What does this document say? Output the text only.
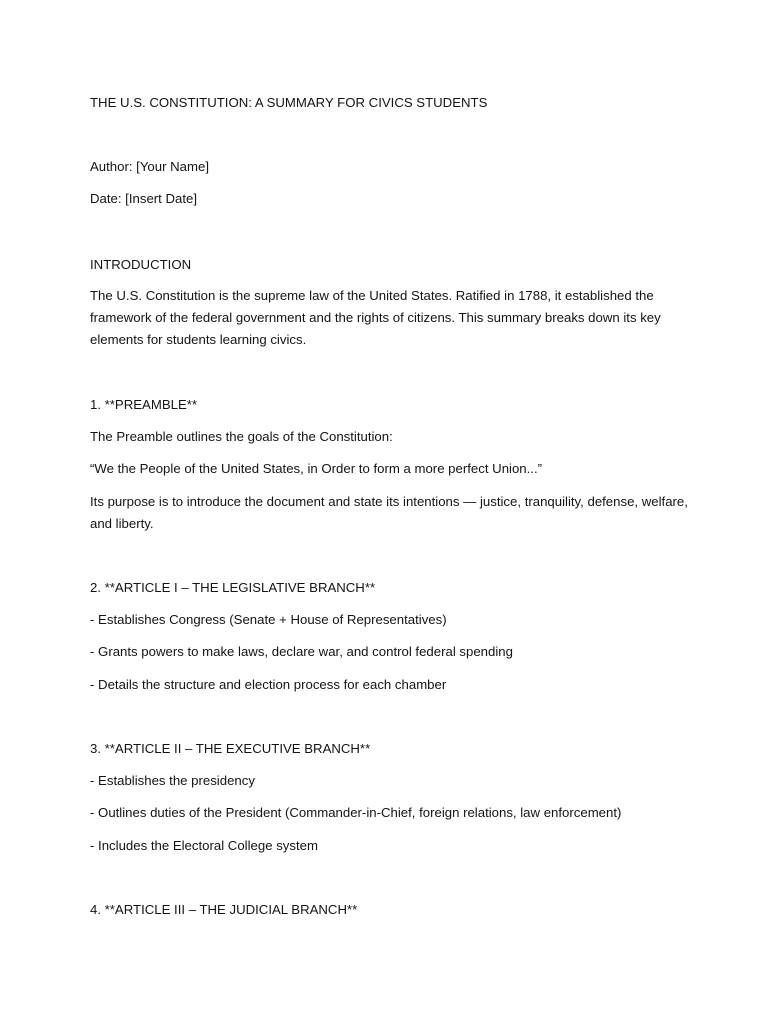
THE U.S. CONSTITUTION: A SUMMARY FOR CIVICS STUDENTS
Author: [Your Name]
Date: [Insert Date]
INTRODUCTION
The U.S. Constitution is the supreme law of the United States. Ratified in 1788, it established the framework of the federal government and the rights of citizens. This summary breaks down its key elements for students learning civics.
1. **PREAMBLE**
The Preamble outlines the goals of the Constitution:
“We the People of the United States, in Order to form a more perfect Union...”
Its purpose is to introduce the document and state its intentions — justice, tranquility, defense, welfare, and liberty.
2. **ARTICLE I – THE LEGISLATIVE BRANCH**
- Establishes Congress (Senate + House of Representatives)
- Grants powers to make laws, declare war, and control federal spending
- Details the structure and election process for each chamber
3. **ARTICLE II – THE EXECUTIVE BRANCH**
- Establishes the presidency
- Outlines duties of the President (Commander-in-Chief, foreign relations, law enforcement)
- Includes the Electoral College system
4. **ARTICLE III – THE JUDICIAL BRANCH**
